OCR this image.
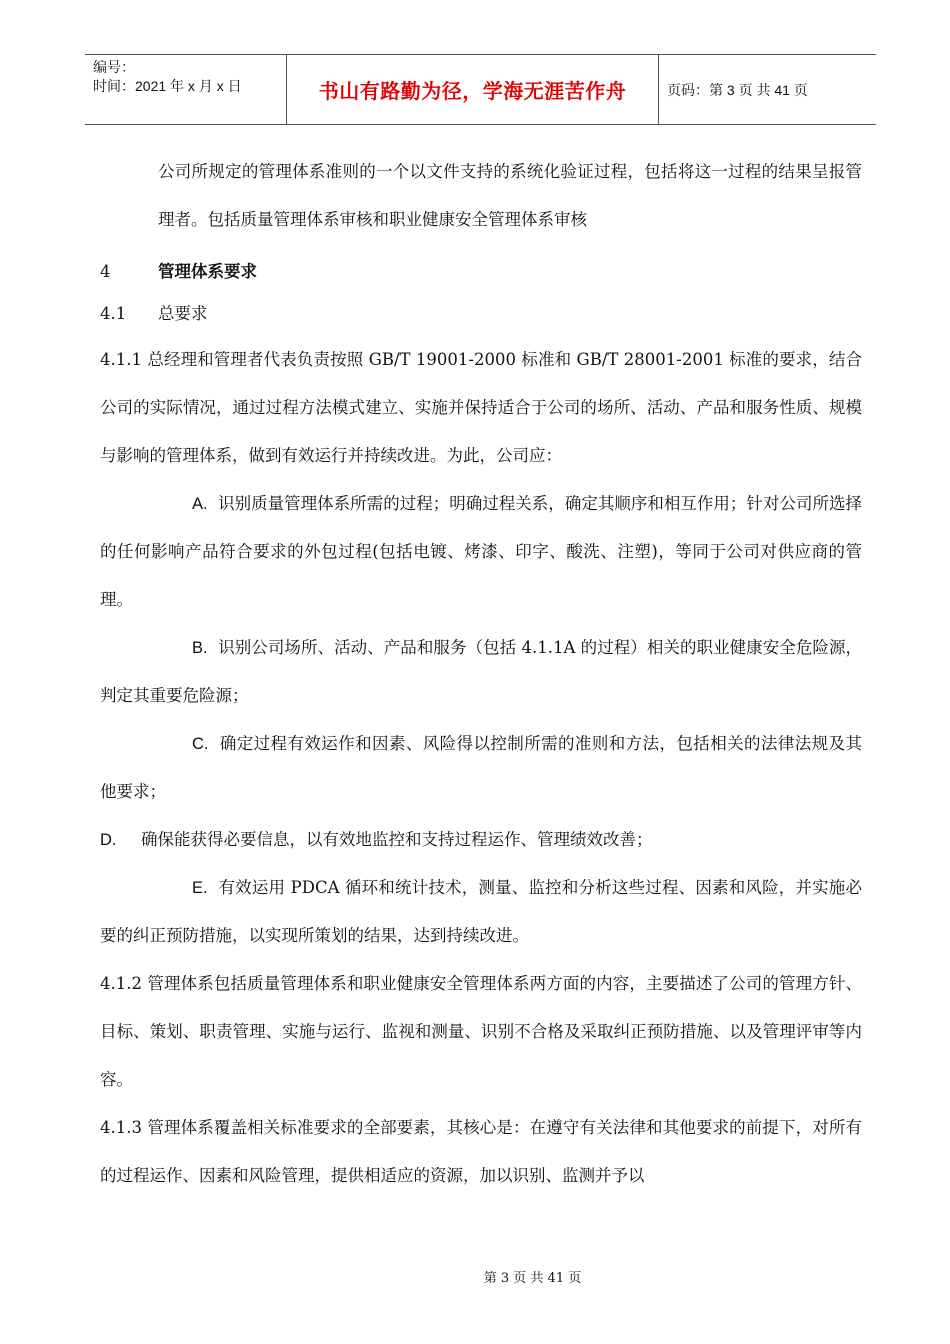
编号：
时间：2021 年 x 月 x 日	书山有路勤为径，学海无涯苦作舟	页码：第 3 页 共 41 页

公司所规定的管理体系准则的一个以文件支持的系统化验证过程，包括将这一过程的结果呈报管理者。包括质量管理体系审核和职业健康安全管理体系审核

4	管理体系要求

4.1 总要求

4.1.1 总经理和管理者代表负责按照 GB/T 19001-2000 标准和 GB/T 28001-2001 标准的要求，结合公司的实际情况，通过过程方法模式建立、实施并保持适合于公司的场所、活动、产品和服务性质、规模与影响的管理体系，做到有效运行并持续改进。为此，公司应：

A. 识别质量管理体系所需的过程；明确过程关系，确定其顺序和相互作用；针对公司所选择的任何影响产品符合要求的外包过程(包括电镀、烤漆、印字、酸洗、注塑)，等同于公司对供应商的管理。

B. 识别公司场所、活动、产品和服务（包括 4.1.1A 的过程）相关的职业健康安全危险源，判定其重要危险源；

C. 确定过程有效运作和因素、风险得以控制所需的准则和方法，包括相关的法律法规及其他要求；

D. 确保能获得必要信息，以有效地监控和支持过程运作、管理绩效改善；

E. 有效运用 PDCA 循环和统计技术，测量、监控和分析这些过程、因素和风险，并实施必要的纠正预防措施，以实现所策划的结果，达到持续改进。

4.1.2 管理体系包括质量管理体系和职业健康安全管理体系两方面的内容，主要描述了公司的管理方针、目标、策划、职责管理、实施与运行、监视和测量、识别不合格及采取纠正预防措施、以及管理评审等内容。

4.1.3 管理体系覆盖相关标准要求的全部要素，其核心是：在遵守有关法律和其他要求的前提下，对所有的过程运作、因素和风险管理，提供相适应的资源，加以识别、监测并予以

第 3 页 共 41 页
